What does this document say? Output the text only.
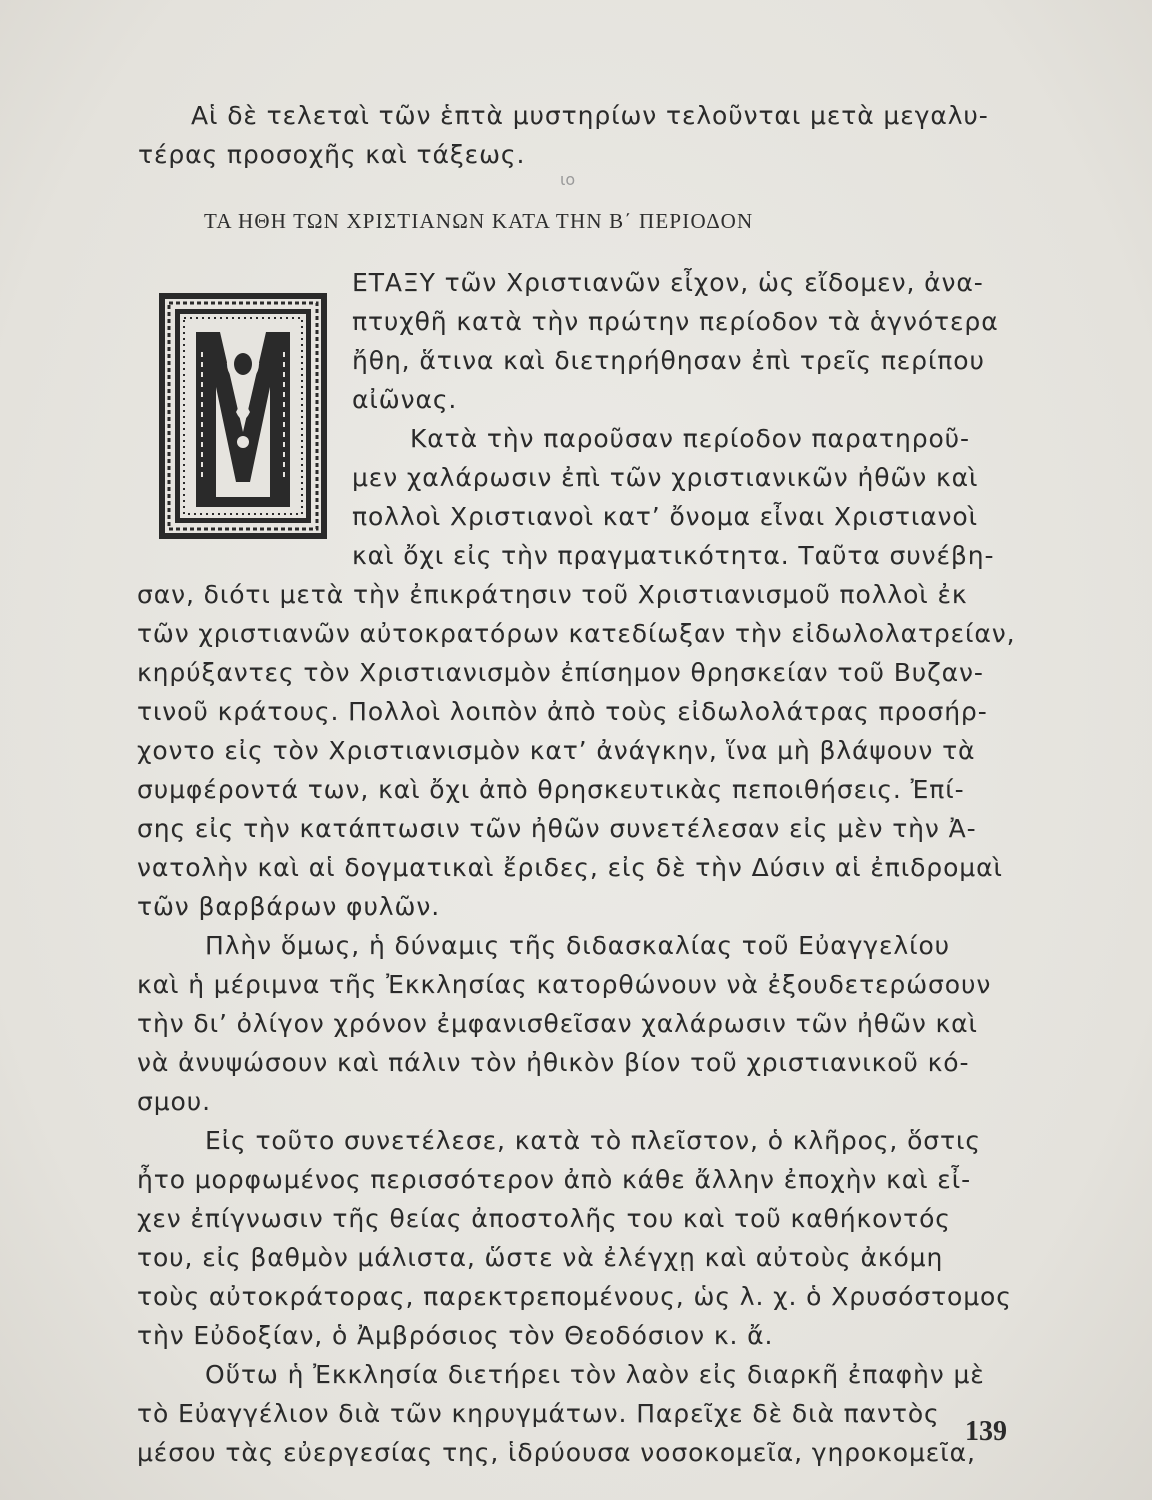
ιο
ΤΑ ΗΘΗ ΤΩΝ ΧΡΙΣΤΙΑΝΩΝ ΚΑΤΑ ΤΗΝ Β΄ ΠΕΡΙΟΔΟΝ
Αἱ δὲ τελεταὶ τῶν ἑπτὰ μυστηρίων τελοῦνται μετὰ μεγαλυ-
τέρας προσοχῆς καὶ τάξεως.
ΕΤΑΞΥ τῶν Χριστιανῶν εἶχον, ὡς εἴδομεν, ἀνα-
πτυχθῆ κατὰ τὴν πρώτην περίοδον τὰ ἁγνότερα
ἤθη, ἅτινα καὶ διετηρήθησαν ἐπὶ τρεῖς περίπου
αἰῶνας.
Κατὰ τὴν παροῦσαν περίοδον παρατηροῦ-
μεν χαλάρωσιν ἐπὶ τῶν χριστιανικῶν ἠθῶν καὶ
πολλοὶ Χριστιανοὶ κατ’ ὄνομα εἶναι Χριστιανοὶ
καὶ ὄχι εἰς τὴν πραγματικότητα. Ταῦτα συνέβη-
σαν, διότι μετὰ τὴν ἐπικράτησιν τοῦ Χριστιανισμοῦ πολλοὶ ἐκ
τῶν χριστιανῶν αὐτοκρατόρων κατεδίωξαν τὴν εἰδωλολατρείαν,
κηρύξαντες τὸν Χριστιανισμὸν ἐπίσημον θρησκείαν τοῦ Βυζαν-
τινοῦ κράτους. Πολλοὶ λοιπὸν ἀπὸ τοὺς εἰδωλολάτρας προσήρ-
χοντο εἰς τὸν Χριστιανισμὸν κατ’ ἀνάγκην, ἵνα μὴ βλάψουν τὰ
συμφέροντά των, καὶ ὄχι ἀπὸ θρησκευτικὰς πεποιθήσεις. Ἐπί-
σης εἰς τὴν κατάπτωσιν τῶν ἠθῶν συνετέλεσαν εἰς μὲν τὴν Ἀ-
νατολὴν καὶ αἱ δογματικαὶ ἔριδες, εἰς δὲ τὴν Δύσιν αἱ ἐπιδρομαὶ
τῶν βαρβάρων φυλῶν.
Πλὴν ὅμως, ἡ δύναμις τῆς διδασκαλίας τοῦ Εὐαγγελίου
καὶ ἡ μέριμνα τῆς Ἐκκλησίας κατορθώνουν νὰ ἐξουδετερώσουν
τὴν δι’ ὀλίγον χρόνον ἐμφανισθεῖσαν χαλάρωσιν τῶν ἠθῶν καὶ
νὰ ἀνυψώσουν καὶ πάλιν τὸν ἠθικὸν βίον τοῦ χριστιανικοῦ κό-
σμου.
Εἰς τοῦτο συνετέλεσε, κατὰ τὸ πλεῖστον, ὁ κλῆρος, ὅστις
ἦτο μορφωμένος περισσότερον ἀπὸ κάθε ἄλλην ἐποχὴν καὶ εἶ-
χεν ἐπίγνωσιν τῆς θείας ἀποστολῆς του καὶ τοῦ καθήκοντός
του, εἰς βαθμὸν μάλιστα, ὥστε νὰ ἐλέγχῃ καὶ αὐτοὺς ἀκόμη
τοὺς αὐτοκράτορας, παρεκτρεπομένους, ὡς λ. χ. ὁ Χρυσόστομος
τὴν Εὐδοξίαν, ὁ Ἀμβρόσιος τὸν Θεοδόσιον κ. ἄ.
Οὕτω ἡ Ἐκκλησία διετήρει τὸν λαὸν εἰς διαρκῆ ἐπαφὴν μὲ
τὸ Εὐαγγέλιον διὰ τῶν κηρυγμάτων. Παρεῖχε δὲ διὰ παντὸς
μέσου τὰς εὐεργεσίας της, ἱδρύουσα νοσοκομεῖα, γηροκομεῖα,
139
